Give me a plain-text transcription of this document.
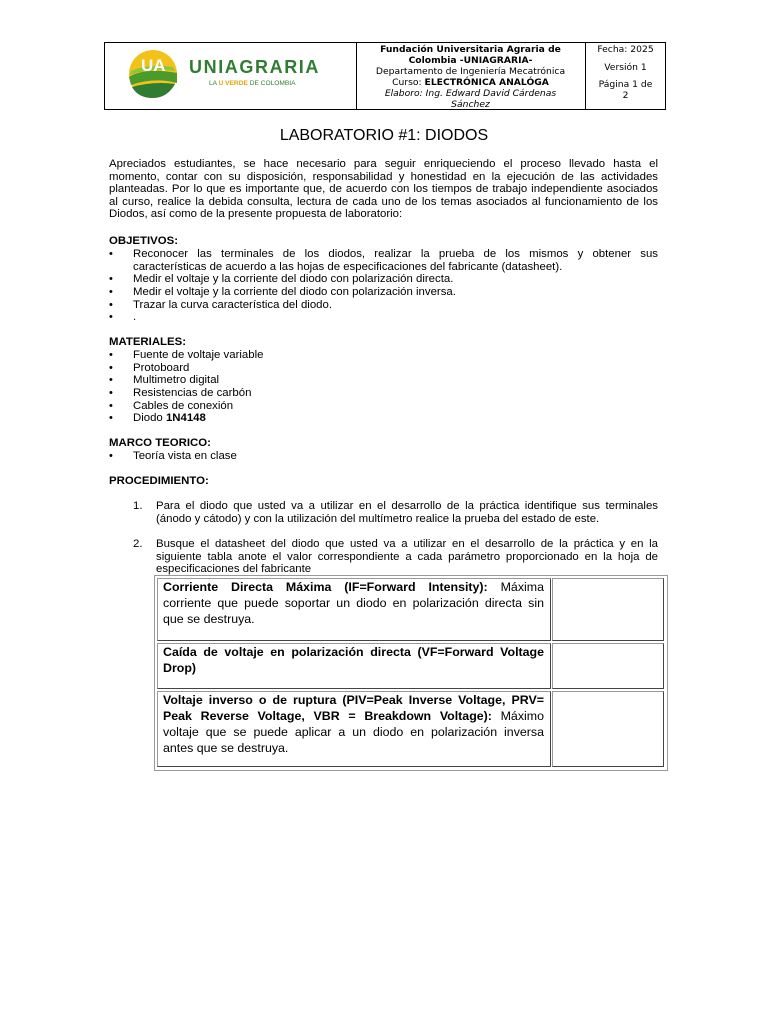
UA UNIAGRARIA
LA U VERDE DE COLOMBIA
Fundación Universitaria Agraria de
Colombia -UNIAGRARIA-
Departamento de Ingeniería Mecatrónica
Curso: ELECTRÓNICA ANALÓGA
Elaboro: Ing. Edward David Cárdenas
Sánchez
Fecha: 2025
Versión 1
Página 1 de
2
LABORATORIO #1: DIODOS
Apreciados estudiantes, se hace necesario para seguir enriqueciendo el proceso llevado hasta el
momento, contar con su disposición, responsabilidad y honestidad en la ejecución de las actividades
planteadas. Por lo que es importante que, de acuerdo con los tiempos de trabajo independiente asociados
al curso, realice la debida consulta, lectura de cada uno de los temas asociados al funcionamiento de los
Diodos, así como de la presente propuesta de laboratorio:
OBJETIVOS:
• Reconocer las terminales de los diodos, realizar la prueba de los mismos y obtener sus
características de acuerdo a las hojas de especificaciones del fabricante (datasheet).
• Medir el voltaje y la corriente del diodo con polarización directa.
• Medir el voltaje y la corriente del diodo con polarización inversa.
• Trazar la curva característica del diodo.
• .
MATERIALES:
• Fuente de voltaje variable
• Protoboard
• Multimetro digital
• Resistencias de carbón
• Cables de conexión
• Diodo 1N4148
MARCO TEORICO:
• Teoría vista en clase
PROCEDIMIENTO:
1. Para el diodo que usted va a utilizar en el desarrollo de la práctica identifique sus terminales
(ánodo y cátodo) y con la utilización del multímetro realice la prueba del estado de este.
2. Busque el datasheet del diodo que usted va a utilizar en el desarrollo de la práctica y en la
siguiente tabla anote el valor correspondiente a cada parámetro proporcionado en la hoja de
especificaciones del fabricante
Corriente Directa Máxima (IF=Forward Intensity): Máxima
corriente que puede soportar un diodo en polarización directa sin
que se destruya.
Caída de voltaje en polarización directa (VF=Forward Voltage
Drop)
Voltaje inverso o de ruptura (PIV=Peak Inverse Voltage, PRV=
Peak Reverse Voltage, VBR = Breakdown Voltage): Máximo
voltaje que se puede aplicar a un diodo en polarización inversa
antes que se destruya.
